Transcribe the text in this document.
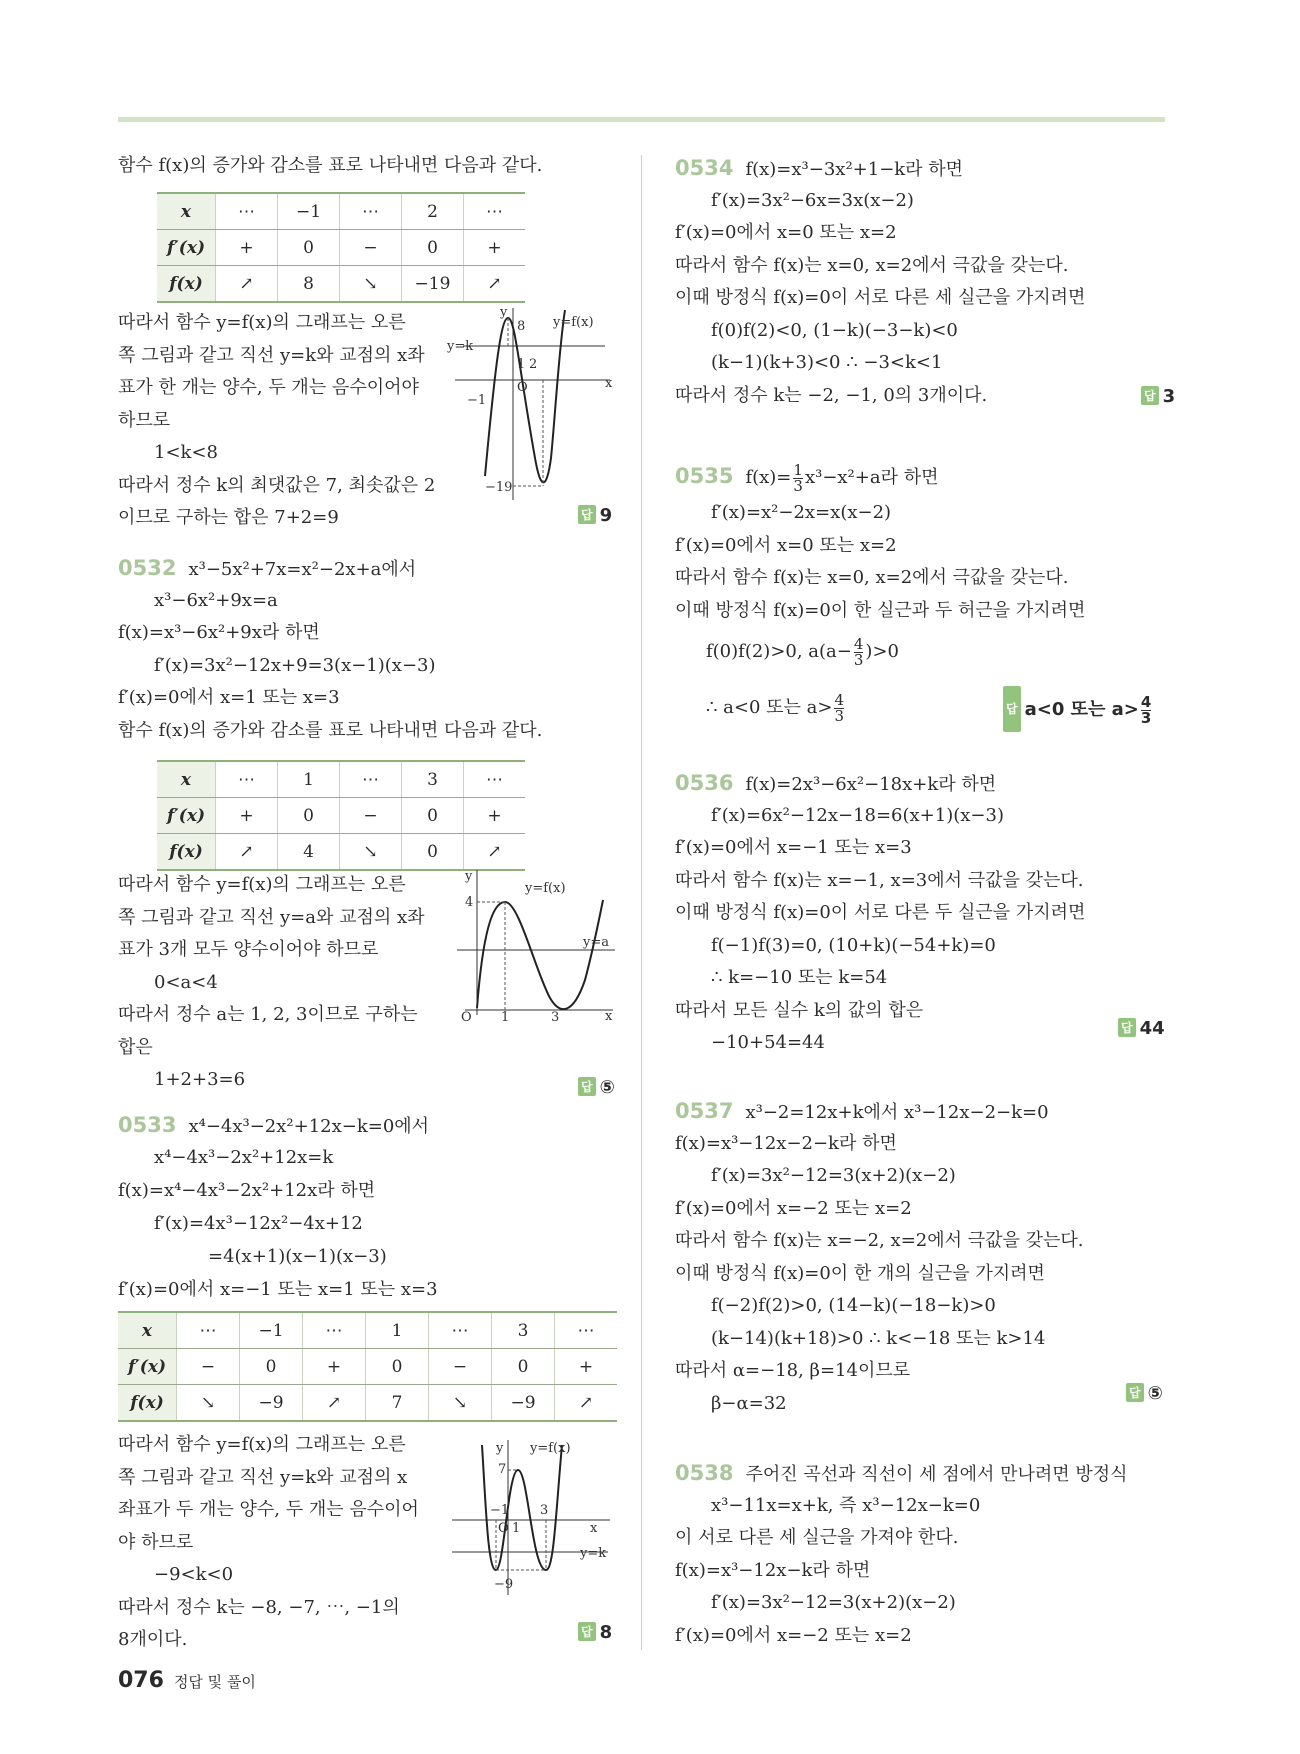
함수 f(x)의 증가와 감소를 표로 나타내면 다음과 같다.
x	⋯	−1	⋯	2	⋯
f′(x)	+	0	−	0	+
f(x)	↗	8	↘	−19	↗
따라서 함수 y=f(x)의 그래프는 오른
쪽 그림과 같고 직선 y=k와 교점의 x좌
표가 한 개는 양수, 두 개는 음수이어야
하므로
1<k<8
따라서 정수 k의 최댓값은 7, 최솟값은 2
이므로 구하는 합은 7+2=9	답 9
y
x
y=f(x)
y=k
8
1 2
O
−1
−19
0532 x³−5x²+7x=x²−2x+a에서
x³−6x²+9x=a
f(x)=x³−6x²+9x라 하면
f′(x)=3x²−12x+9=3(x−1)(x−3)
f′(x)=0에서 x=1 또는 x=3
함수 f(x)의 증가와 감소를 표로 나타내면 다음과 같다.
x	⋯	1	⋯	3	⋯
f′(x)	+	0	−	0	+
f(x)	↗	4	↘	0	↗
따라서 함수 y=f(x)의 그래프는 오른
쪽 그림과 같고 직선 y=a와 교점의 x좌
표가 3개 모두 양수이어야 하므로
0<a<4
따라서 정수 a는 1, 2, 3이므로 구하는
합은
1+2+3=6	답 ⑤
y
x
y=f(x)
y=a
4
1	3
O
0533 x⁴−4x³−2x²+12x−k=0에서
x⁴−4x³−2x²+12x=k
f(x)=x⁴−4x³−2x²+12x라 하면
f′(x)=4x³−12x²−4x+12
=4(x+1)(x−1)(x−3)
f′(x)=0에서 x=−1 또는 x=1 또는 x=3
x	⋯	−1	⋯	1	⋯	3	⋯
f′(x)	−	0	+	0	−	0	+
f(x)	↘	−9	↗	7	↘	−9	↗
따라서 함수 y=f(x)의 그래프는 오른
쪽 그림과 같고 직선 y=k와 교점의 x
좌표가 두 개는 양수, 두 개는 음수이어
야 하므로
−9<k<0
따라서 정수 k는 −8, −7, ⋯, −1의
8개이다.	답 8
y
x
y=f(x)
y=k
7
−1
1
3
O
−9
0534 f(x)=x³−3x²+1−k라 하면
f′(x)=3x²−6x=3x(x−2)
f′(x)=0에서 x=0 또는 x=2
따라서 함수 f(x)는 x=0, x=2에서 극값을 갖는다.
이때 방정식 f(x)=0이 서로 다른 세 실근을 가지려면
f(0)f(2)<0, (1−k)(−3−k)<0
(k−1)(k+3)<0 ∴ −3<k<1
따라서 정수 k는 −2, −1, 0의 3개이다.	답 3
0535 $f(x)= \frac{1}{3} x^3-x^2+a$라 하면
f′(x)=x²−2x=x(x−2)
f′(x)=0에서 x=0 또는 x=2
따라서 함수 f(x)는 x=0, x=2에서 극값을 갖는다.
이때 방정식 f(x)=0이 한 실근과 두 허근을 가지려면
f(0)f(2)>0, $a(a- \frac{4}{3} )>0$
∴ a<0 또는 $a> \frac{4}{3}$	답 a<0 또는 $a> \frac{4}{3}$
0536 f(x)=2x³−6x²−18x+k라 하면
f′(x)=6x²−12x−18=6(x+1)(x−3)
f′(x)=0에서 x=−1 또는 x=3
따라서 함수 f(x)는 x=−1, x=3에서 극값을 갖는다.
이때 방정식 f(x)=0이 서로 다른 두 실근을 가지려면
f(−1)f(3)=0, (10+k)(−54+k)=0
∴ k=−10 또는 k=54
따라서 모든 실수 k의 값의 합은
−10+54=44
답 44
0537 x³−2=12x+k에서 x³−12x−2−k=0
f(x)=x³−12x−2−k라 하면
f′(x)=3x²−12=3(x+2)(x−2)
f′(x)=0에서 x=−2 또는 x=2
따라서 함수 f(x)는 x=−2, x=2에서 극값을 갖는다.
이때 방정식 f(x)=0이 한 개의 실근을 가지려면
f(−2)f(2)>0, (14−k)(−18−k)>0
(k−14)(k+18)>0 ∴ k<−18 또는 k>14
따라서 α=−18, β=14이므로
β−α=32	답 ⑤
0538 주어진 곡선과 직선이 세 점에서 만나려면 방정식
x³−11x=x+k, 즉 x³−12x−k=0
이 서로 다른 세 실근을 가져야 한다.
f(x)=x³−12x−k라 하면
f′(x)=3x²−12=3(x+2)(x−2)
f′(x)=0에서 x=−2 또는 x=2
076 정답 및 풀이
